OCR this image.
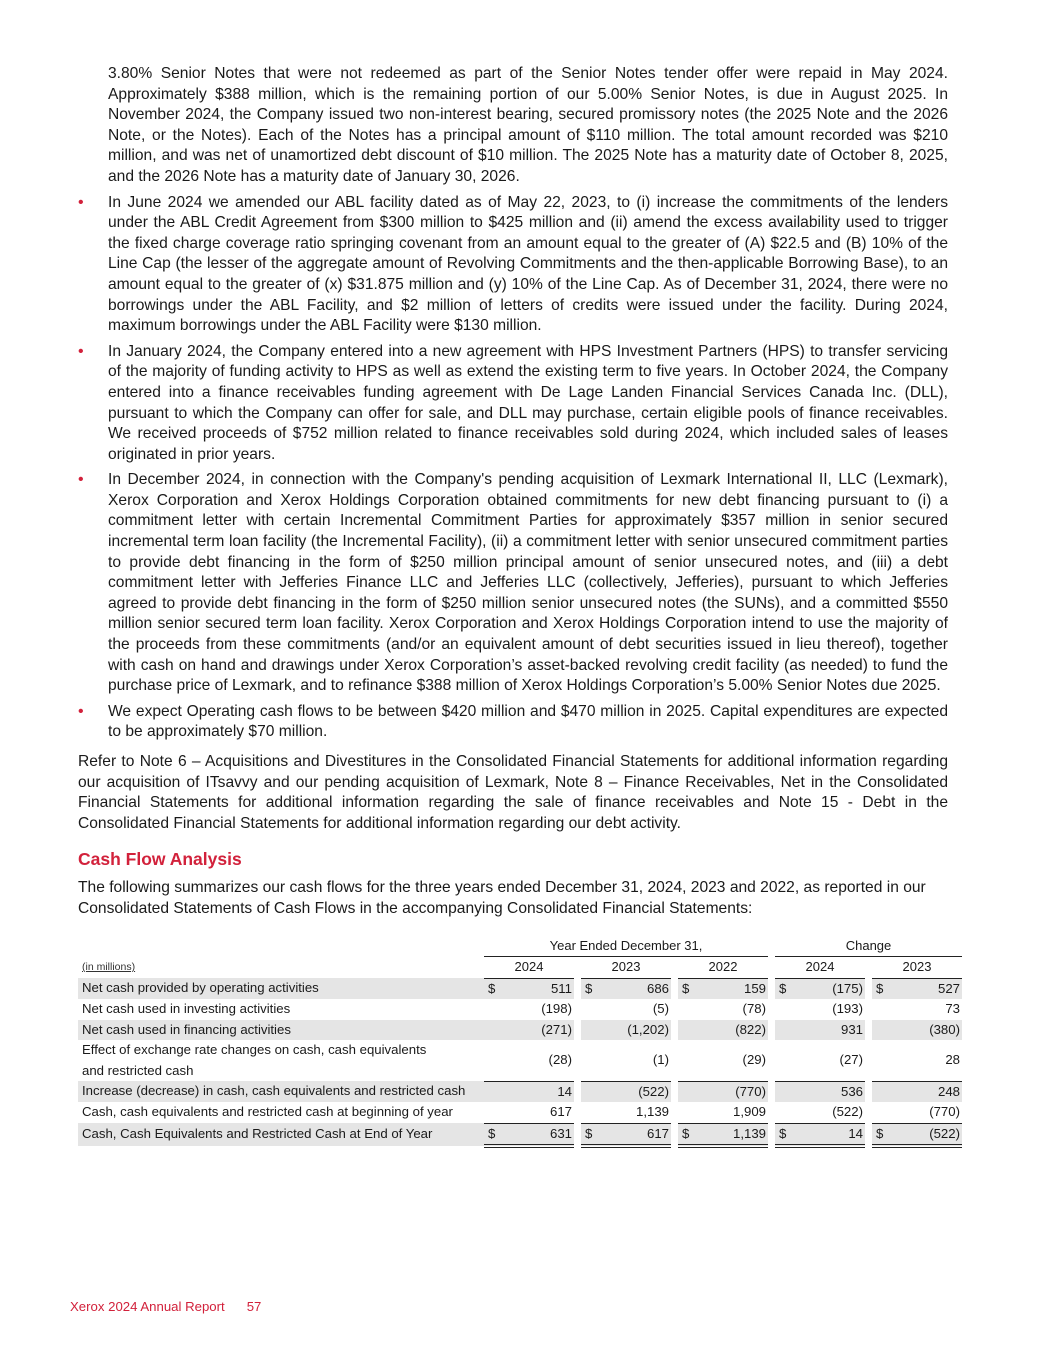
3.80% Senior Notes that were not redeemed as part of the Senior Notes tender offer were repaid in May 2024. Approximately $388 million, which is the remaining portion of our 5.00% Senior Notes, is due in August 2025. In November 2024, the Company issued two non-interest bearing, secured promissory notes (the 2025 Note and the 2026 Note, or the Notes). Each of the Notes has a principal amount of $110 million. The total amount recorded was $210 million, and was net of unamortized debt discount of $10 million. The 2025 Note has a maturity date of October 8, 2025, and the 2026 Note has a maturity date of January 30, 2026.

• In June 2024 we amended our ABL facility dated as of May 22, 2023, to (i) increase the commitments of the lenders under the ABL Credit Agreement from $300 million to $425 million and (ii) amend the excess availability used to trigger the fixed charge coverage ratio springing covenant from an amount equal to the greater of (A) $22.5 and (B) 10% of the Line Cap (the lesser of the aggregate amount of Revolving Commitments and the then-applicable Borrowing Base), to an amount equal to the greater of (x) $31.875 million and (y) 10% of the Line Cap. As of December 31, 2024, there were no borrowings under the ABL Facility, and $2 million of letters of credits were issued under the facility. During 2024, maximum borrowings under the ABL Facility were $130 million.
• In January 2024, the Company entered into a new agreement with HPS Investment Partners (HPS) to transfer servicing of the majority of funding activity to HPS as well as extend the existing term to five years. In October 2024, the Company entered into a finance receivables funding agreement with De Lage Landen Financial Services Canada Inc. (DLL), pursuant to which the Company can offer for sale, and DLL may purchase, certain eligible pools of finance receivables. We received proceeds of $752 million related to finance receivables sold during 2024, which included sales of leases originated in prior years.
• In December 2024, in connection with the Company's pending acquisition of Lexmark International II, LLC (Lexmark), Xerox Corporation and Xerox Holdings Corporation obtained commitments for new debt financing pursuant to (i) a commitment letter with certain Incremental Commitment Parties for approximately $357 million in senior secured incremental term loan facility (the Incremental Facility), (ii) a commitment letter with senior unsecured commitment parties to provide debt financing in the form of $250 million principal amount of senior unsecured notes, and (iii) a debt commitment letter with Jefferies Finance LLC and Jefferies LLC (collectively, Jefferies), pursuant to which Jefferies agreed to provide debt financing in the form of $250 million senior unsecured notes (the SUNs), and a committed $550 million senior secured term loan facility. Xerox Corporation and Xerox Holdings Corporation intend to use the majority of the proceeds from these commitments (and/or an equivalent amount of debt securities issued in lieu thereof), together with cash on hand and drawings under Xerox Corporation’s asset-backed revolving credit facility (as needed) to fund the purchase price of Lexmark, and to refinance $388 million of Xerox Holdings Corporation’s 5.00% Senior Notes due 2025.
• We expect Operating cash flows to be between $420 million and $470 million in 2025. Capital expenditures are expected to be approximately $70 million.

Refer to Note 6 – Acquisitions and Divestitures in the Consolidated Financial Statements for additional information regarding our acquisition of ITsavvy and our pending acquisition of Lexmark, Note 8 – Finance Receivables, Net in the Consolidated Financial Statements for additional information regarding the sale of finance receivables and Note 15 - Debt in the Consolidated Financial Statements for additional information regarding our debt activity.

Cash Flow Analysis

The following summarizes our cash flows for the three years ended December 31, 2024, 2023 and 2022, as reported in our Consolidated Statements of Cash Flows in the accompanying Consolidated Financial Statements:

	Year Ended December 31,									Change				
(in millions)	2024			2023			2022			2024			2023	
Net cash provided by operating activities	$	511		$	686		$	159		$	(175)		$	527
Net cash used in investing activities		(198)			(5)			(78)			(193)			73
Net cash used in financing activities		(271)			(1,202)			(822)			931			(380)
Effect of exchange rate changes on cash, cash equivalents and restricted cash		(28)			(1)			(29)			(27)			28
Increase (decrease) in cash, cash equivalents and restricted cash		14			(522)			(770)			536			248
Cash, cash equivalents and restricted cash at beginning of year		617			1,139			1,909			(522)			(770)
Cash, Cash Equivalents and Restricted Cash at End of Year	$	631		$	617		$	1,139		$	14		$	(522)
Xerox 2024 Annual Report 57
